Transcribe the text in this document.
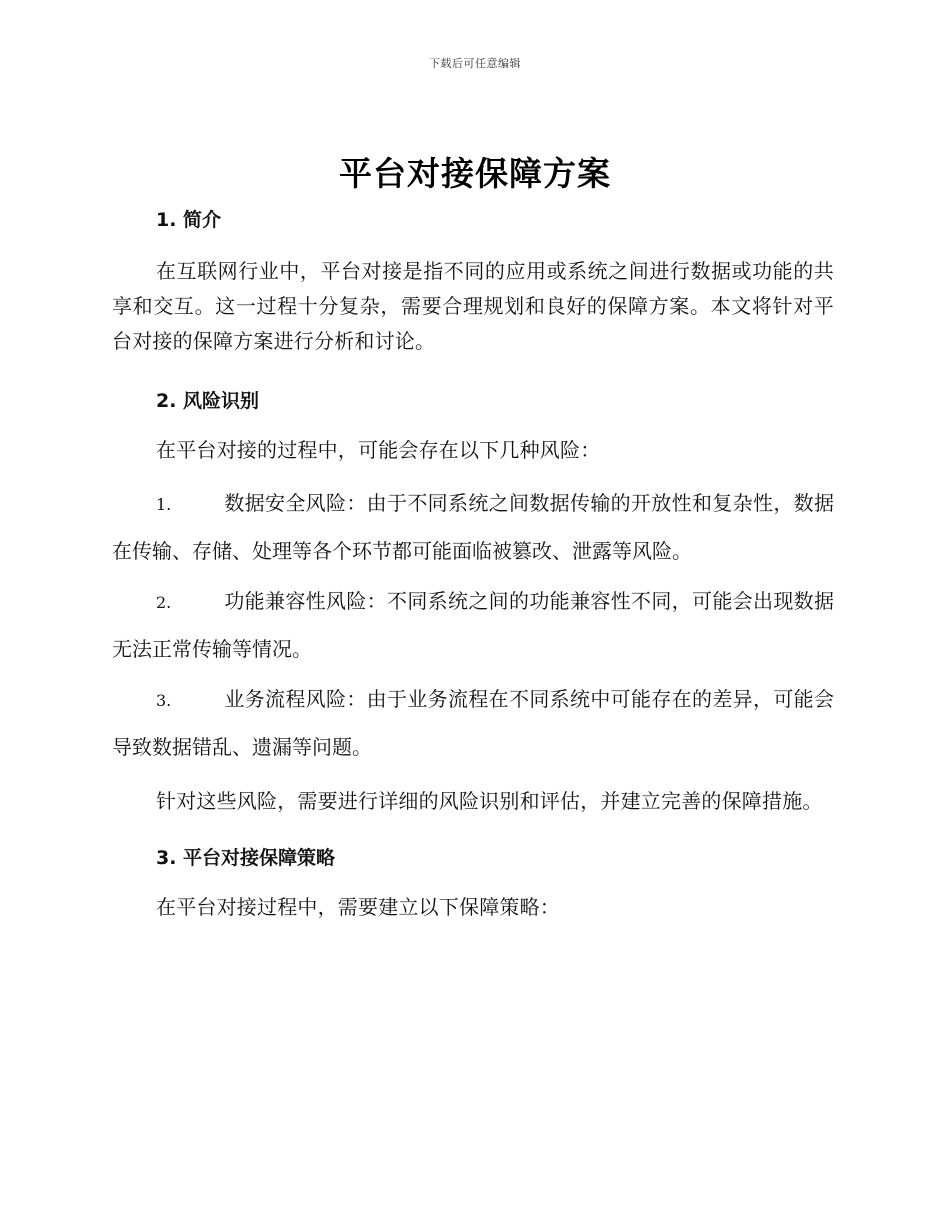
下载后可任意编辑
平台对接保障方案

1. 简介

在互联网行业中，平台对接是指不同的应用或系统之间进行数据或功能的共享和交互。这一过程十分复杂，需要合理规划和良好的保障方案。本文将针对平台对接的保障方案进行分析和讨论。

2. 风险识别

在平台对接的过程中，可能会存在以下几种风险：

1.	数据安全风险：由于不同系统之间数据传输的开放性和复杂性，数据在传输、存储、处理等各个环节都可能面临被篡改、泄露等风险。

2.	功能兼容性风险：不同系统之间的功能兼容性不同，可能会出现数据无法正常传输等情况。

3.	业务流程风险：由于业务流程在不同系统中可能存在的差异，可能会导致数据错乱、遗漏等问题。

针对这些风险，需要进行详细的风险识别和评估，并建立完善的保障措施。

3. 平台对接保障策略

在平台对接过程中，需要建立以下保障策略：
